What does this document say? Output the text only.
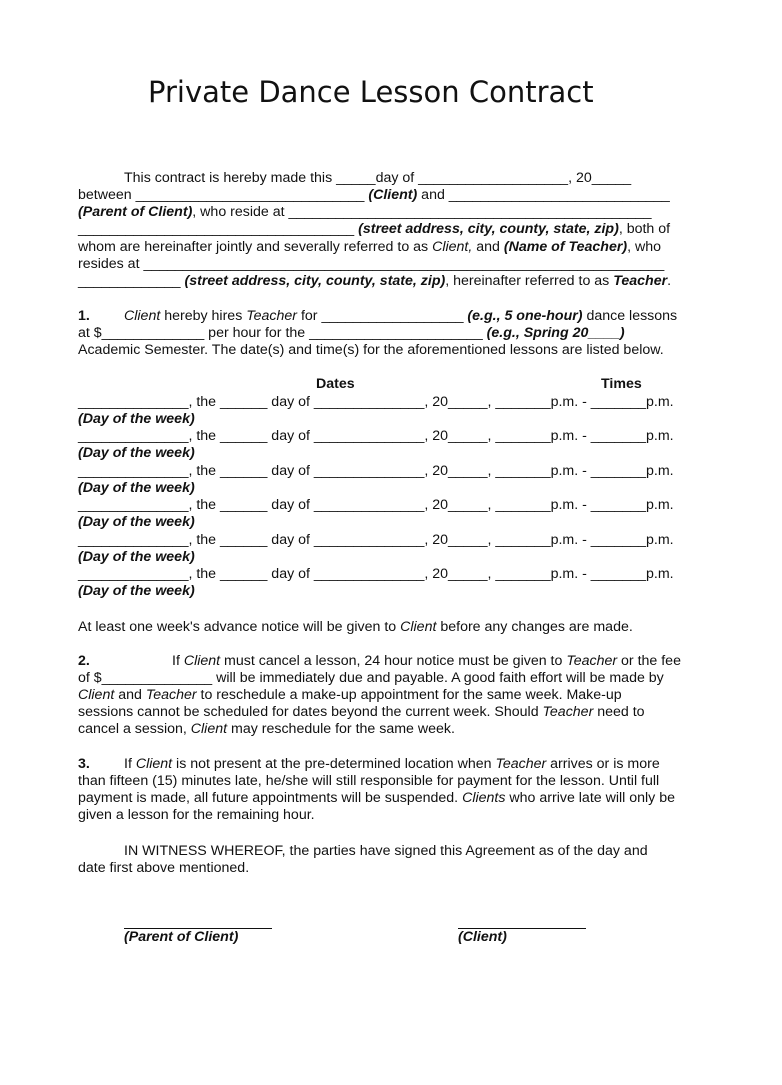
Private Dance Lesson Contract
This contract is hereby made this _____day of ___________________, 20_____
between _____________________________ (Client) and ____________________________
(Parent of Client), who reside at ______________________________________________
___________________________________ (street address, city, county, state, zip), both of
whom are hereinafter jointly and severally referred to as Client, and (Name of Teacher), who
resides at __________________________________________________________________
_____________ (street address, city, county, state, zip), hereinafter referred to as Teacher.
1. Client hereby hires Teacher for __________________ (e.g., 5 one-hour) dance lessons
at $_____________ per hour for the ______________________ (e.g., Spring 20____)
Academic Semester. The date(s) and time(s) for the aforementioned lessons are listed below.
Dates	Times
______________, the ______ day of ______________, 20_____, _______p.m. - _______p.m.
(Day of the week)
______________, the ______ day of ______________, 20_____, _______p.m. - _______p.m.
(Day of the week)
______________, the ______ day of ______________, 20_____, _______p.m. - _______p.m.
(Day of the week)
______________, the ______ day of ______________, 20_____, _______p.m. - _______p.m.
(Day of the week)
______________, the ______ day of ______________, 20_____, _______p.m. - _______p.m.
(Day of the week)
______________, the ______ day of ______________, 20_____, _______p.m. - _______p.m.
(Day of the week)
At least one week's advance notice will be given to Client before any changes are made.
2.	If Client must cancel a lesson, 24 hour notice must be given to Teacher or the fee
of $______________ will be immediately due and payable. A good faith effort will be made by
Client and Teacher to reschedule a make-up appointment for the same week. Make-up
sessions cannot be scheduled for dates beyond the current week. Should Teacher need to
cancel a session, Client may reschedule for the same week.
3. If Client is not present at the pre-determined location when Teacher arrives or is more
than fifteen (15) minutes late, he/she will still responsible for payment for the lesson. Until full
payment is made, all future appointments will be suspended. Clients who arrive late will only be
given a lesson for the remaining hour.
IN WITNESS WHEREOF, the parties have signed this Agreement as of the day and
date first above mentioned.
(Parent of Client)	(Client)
